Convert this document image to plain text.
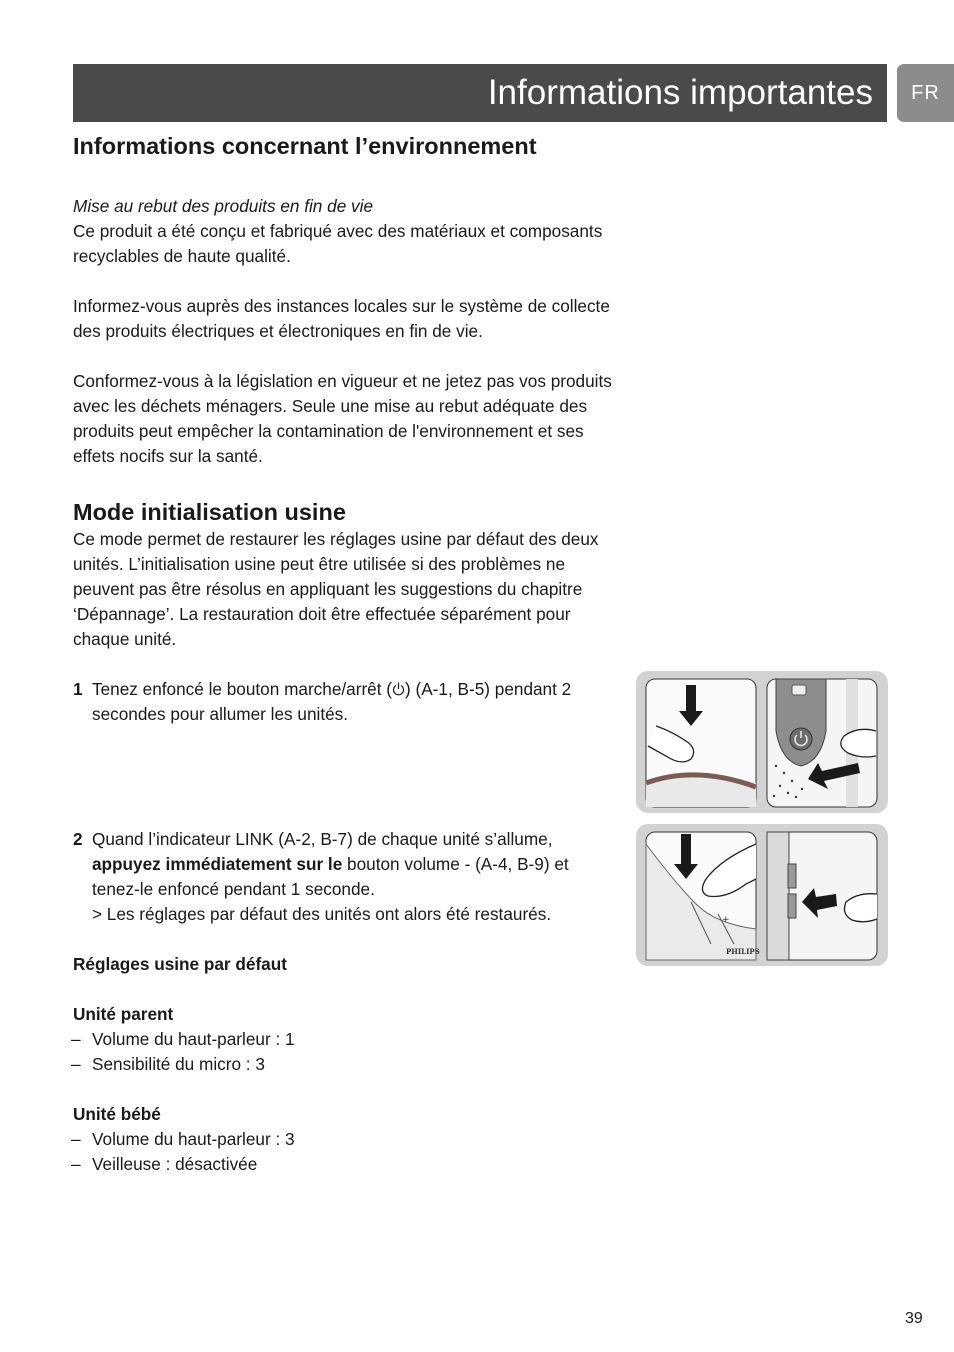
Informations importantes	FR
Informations concernant l’environnement
Mise au rebut des produits en fin de vie

Ce produit a été conçu et fabriqué avec des matériaux et composants recyclables de haute qualité.

Informez-vous auprès des instances locales sur le système de collecte des produits électriques et électroniques en fin de vie.

Conformez-vous à la législation en vigueur et ne jetez pas vos produits avec les déchets ménagers. Seule une mise au rebut adéquate des produits peut empêcher la contamination de l'environnement et ses effets nocifs sur la santé.

Mode initialisation usine

Ce mode permet de restaurer les réglages usine par défaut des deux unités. L’initialisation usine peut être utilisée si des problèmes ne peuvent pas être résolus en appliquant les suggestions du chapitre ‘Dépannage’. La restauration doit être effectuée séparément pour chaque unité.

1 Tenez enfoncé le bouton marche/arrêt ( ) (A-1, B-5) pendant 2 secondes pour allumer les unités.
2 Quand l’indicateur LINK (A-2, B-7) de chaque unité s’allume, appuyez immédiatement sur le bouton volume - (A-4, B-9) et tenez-le enfoncé pendant 1 seconde.
> Les réglages par défaut des unités ont alors été restaurés.

Réglages usine par défaut

Unité parent
– Volume du haut-parleur : 1
– Sensibilité du micro : 3
Unité bébé
– Volume du haut-parleur : 3
– Veilleuse : désactivée
+
PHILIPS
39
